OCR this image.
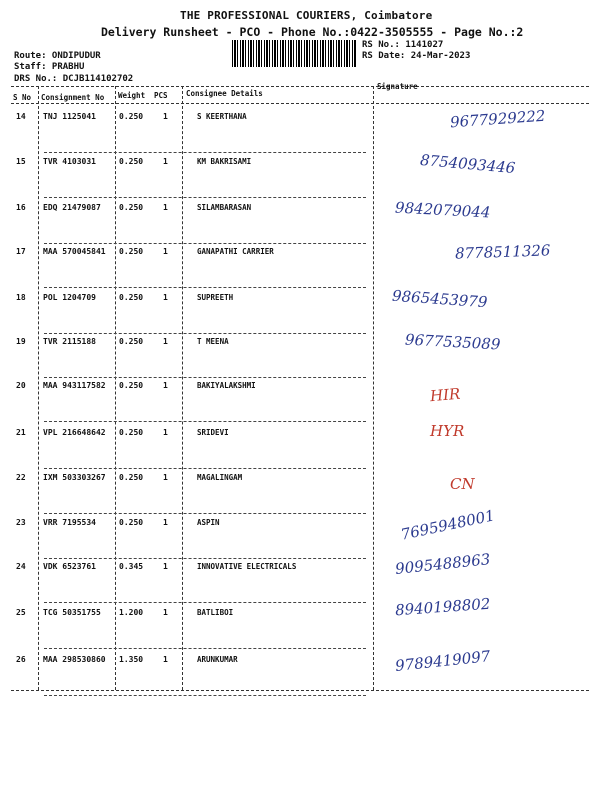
THE PROFESSIONAL COURIERS, Coimbatore
Delivery Runsheet - PCO - Phone No.:0422-3505555 - Page No.:2
Route: ONDIPUDUR
Staff: PRABHU
DRS No.: DCJB114102702
RS No.: 1141027
RS Date: 24-Mar-2023
S No Consignment No Weight PCS Consignee Details
Signature
14 TNJ 1125041	0.250 1	S KEERTHANA	9677929222
15 TVR 4103031	0.250 1	KM BAKRISAMI	8754093446
16 EDQ 21479087 0.250 1	SILAMBARASAN	9842079044
17 MAA 570045841 0.250 1	GANAPATHI CARRIER	8778511326
18 POL 1204709	0.250 1	SUPREETH	9865453979
19 TVR 2115188	0.250 1	T MEENA	9677535089
20 MAA 943117582 0.250 1	BAKIYALAKSHMI	HIR
21 VPL 216648642 0.250 1	SRIDEVI	HYR
22 IXM 503303267 0.250 1	MAGALINGAM	CN
23 VRR 7195534	0.250 1	ASPIN	7695948001
24 VDK 6523761	0.345 1	INNOVATIVE ELECTRICALS	9095488963
25 TCG 50351755 1.200 1	BATLIBOI	8940198802
26 MAA 298530860 1.350 1	ARUNKUMAR	9789419097
